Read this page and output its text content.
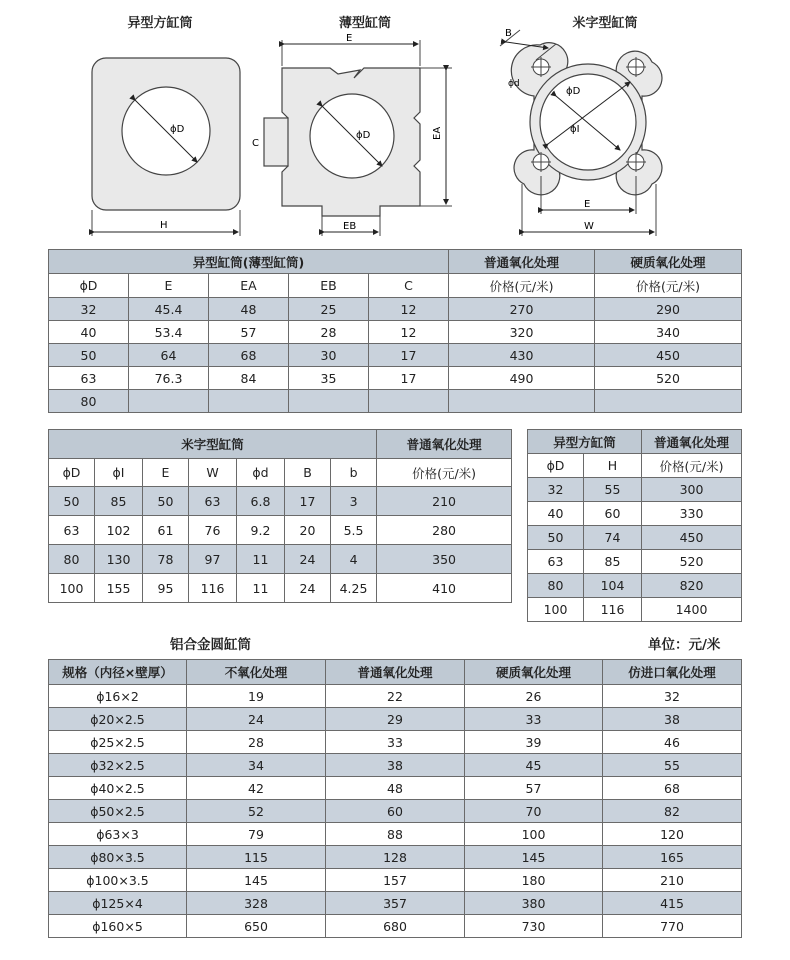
异型方缸筒	薄型缸筒	米字型缸筒
ϕD
H
ϕD
E
EA
C
EB
ϕD
ϕI
B
ϕd
E
W
异型缸筒(薄型缸筒)					普通氧化处理	硬质氧化处理
ϕD	E	EA	EB	C	价格(元/米)	价格(元/米)
32	45.4	48	25	12	270	290
40	53.4	57	28	12	320	340
50	64	68	30	17	430	450
63	76.3	84	35	17	490	520
80						
米字型缸筒							普通氧化处理
ϕD	ϕI	E	W	ϕd	B	b	价格(元/米)
50	85	50	63	6.8	17	3	210
63	102	61	76	9.2	20	5.5	280
80	130	78	97	11	24	4	350
100	155	95	116	11	24	4.25	410
异型方缸筒		普通氧化处理
ϕD	H	价格(元/米)
32	55	300
40	60	330
50	74	450
63	85	520
80	104	820
100	116	1400
铝合金圆缸筒	单位：元/米
规格（内径×壁厚）	不氧化处理	普通氧化处理	硬质氧化处理	仿进口氧化处理
ϕ16×2	19	22	26	32
ϕ20×2.5	24	29	33	38
ϕ25×2.5	28	33	39	46
ϕ32×2.5	34	38	45	55
ϕ40×2.5	42	48	57	68
ϕ50×2.5	52	60	70	82
ϕ63×3	79	88	100	120
ϕ80×3.5	115	128	145	165
ϕ100×3.5	145	157	180	210
ϕ125×4	328	357	380	415
ϕ160×5	650	680	730	770
